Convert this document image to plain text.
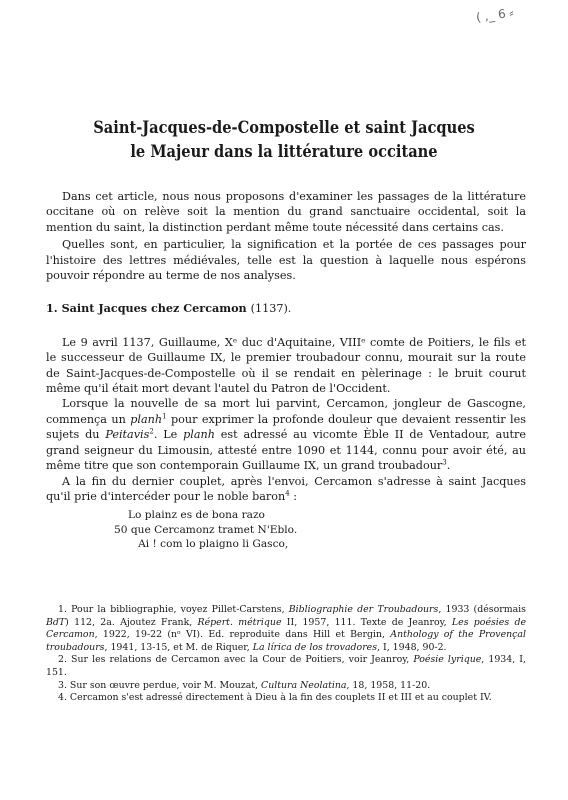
( ,_ 6 ⸗
Saint-Jacques-de-Compostelle et saint Jacques
le Majeur dans la littérature occitane

Dans cet article, nous nous proposons d'examiner les passages de la littérature occitane où on relève soit la mention du grand sanctuaire occidental, soit la mention du saint, la distinction perdant même toute nécessité dans certains cas.

Quelles sont, en particulier, la signification et la portée de ces passages pour l'histoire des lettres médiévales, telle est la question à laquelle nous espérons pouvoir répondre au terme de nos analyses.

1. Saint Jacques chez Cercamon (1137).

Le 9 avril 1137, Guillaume, Xᵉ duc d'Aquitaine, VIIIᵉ comte de Poitiers, le fils et le successeur de Guillaume IX, le premier troubadour connu, mourait sur la route de Saint-Jacques-de-Compostelle où il se rendait en pèlerinage : le bruit courut même qu'il était mort devant l'autel du Patron de l'Occident.

Lorsque la nouvelle de sa mort lui parvint, Cercamon, jongleur de Gascogne, commença un planh$^1$ pour exprimer la profonde douleur que devaient ressentir les sujets du Peitavis$^2$. Le planh est adressé au vicomte Èble II de Ventadour, autre grand seigneur du Limousin, attesté entre 1090 et 1144, connu pour avoir été, au même titre que son contemporain Guillaume IX, un grand troubadour$^3$.

A la fin du dernier couplet, après l'envoi, Cercamon s'adresse à saint Jacques qu'il prie d'intercéder pour le noble baron$^4$ :

Lo plainz es de bona razo
50 que Cercamonz tramet N'Eblo.
Ai ! com lo plaigno li Gasco,

1. Pour la bibliographie, voyez Pillet-Carstens, Bibliographie der Troubadours, 1933 (désormais BdT) 112, 2a. Ajoutez Frank, Répert. métrique II, 1957, 111. Texte de Jeanroy, Les poésies de Cercamon, 1922, 19-22 (nᵒ VI). Ed. reproduite dans Hill et Bergin, Anthology of the Provençal troubadours, 1941, 13-15, et M. de Riquer, La lírica de los trovadores, I, 1948, 90-2.

2. Sur les relations de Cercamon avec la Cour de Poitiers, voir Jeanroy, Poésie lyrique, 1934, I, 151.

3. Sur son œuvre perdue, voir M. Mouzat, Cultura Neolatina, 18, 1958, 11-20.

4. Cercamon s'est adressé directement à Dieu à la fin des couplets II et III et au couplet IV.
